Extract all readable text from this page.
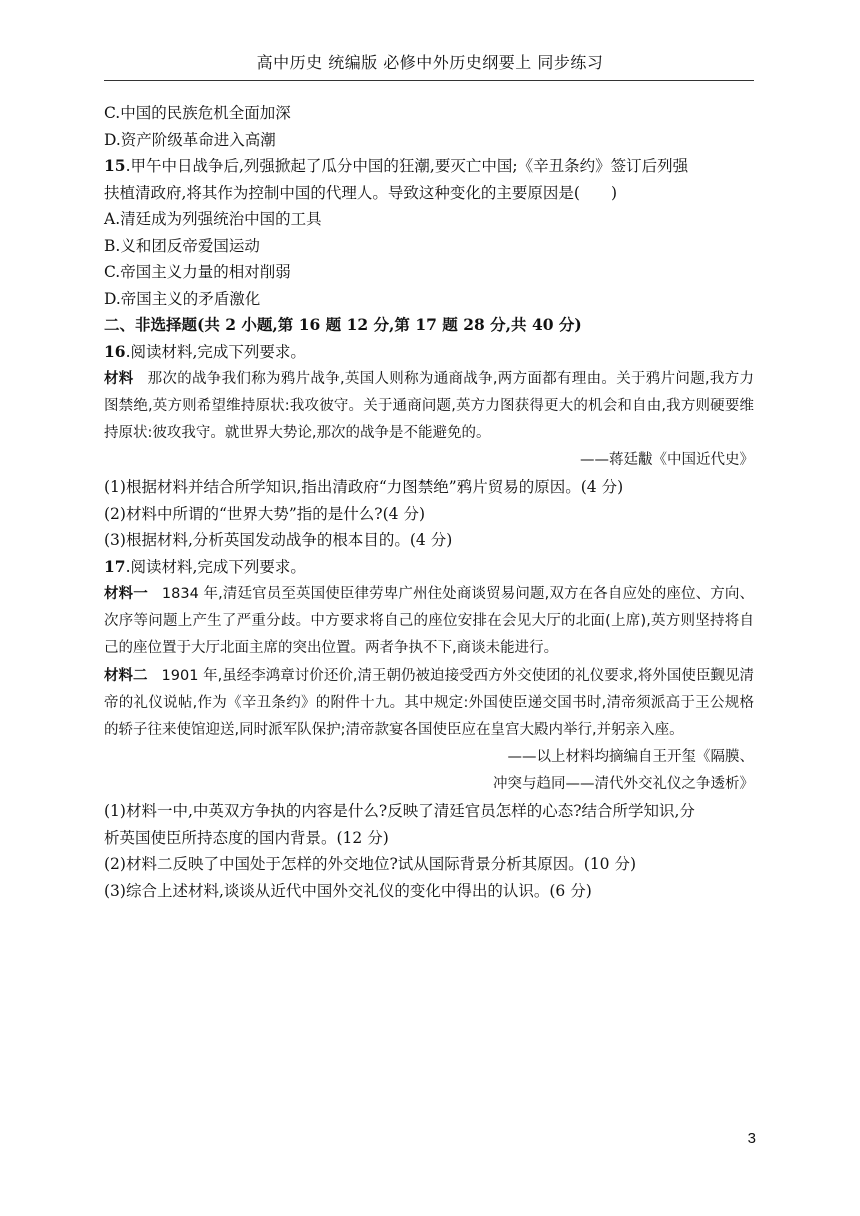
高中历史 统编版 必修中外历史纲要上 同步练习
C.中国的民族危机全面加深
D.资产阶级革命进入高潮
15.甲午中日战争后,列强掀起了瓜分中国的狂潮,要灭亡中国;《辛丑条约》签订后列强
扶植清政府,将其作为控制中国的代理人。导致这种变化的主要原因是(　　)
A.清廷成为列强统治中国的工具
B.义和团反帝爱国运动
C.帝国主义力量的相对削弱
D.帝国主义的矛盾激化
二、非选择题(共 2 小题,第 16 题 12 分,第 17 题 28 分,共 40 分)
16.阅读材料,完成下列要求。
材料 那次的战争我们称为鸦片战争,英国人则称为通商战争,两方面都有理由。关于鸦片问题,我方力图禁绝,英方则希望维持原状:我攻彼守。关于通商问题,英方力图获得更大的机会和自由,我方则硬要维持原状:彼攻我守。就世界大势论,那次的战争是不能避免的。
——蒋廷黻《中国近代史》
(1)根据材料并结合所学知识,指出清政府“力图禁绝”鸦片贸易的原因。(4 分)
(2)材料中所谓的“世界大势”指的是什么?(4 分)
(3)根据材料,分析英国发动战争的根本目的。(4 分)
17.阅读材料,完成下列要求。
材料一 1834 年,清廷官员至英国使臣律劳卑广州住处商谈贸易问题,双方在各自应处的座位、方向、次序等问题上产生了严重分歧。中方要求将自己的座位安排在会见大厅的北面(上席),英方则坚持将自己的座位置于大厅北面主席的突出位置。两者争执不下,商谈未能进行。
材料二 1901 年,虽经李鸿章讨价还价,清王朝仍被迫接受西方外交使团的礼仪要求,将外国使臣觐见清帝的礼仪说帖,作为《辛丑条约》的附件十九。其中规定:外国使臣递交国书时,清帝须派高于王公规格的轿子往来使馆迎送,同时派军队保护;清帝款宴各国使臣应在皇宫大殿内举行,并躬亲入座。
——以上材料均摘编自王开玺《隔膜、
冲突与趋同——清代外交礼仪之争透析》
(1)材料一中,中英双方争执的内容是什么?反映了清廷官员怎样的心态?结合所学知识,分
析英国使臣所持态度的国内背景。(12 分)
(2)材料二反映了中国处于怎样的外交地位?试从国际背景分析其原因。(10 分)
(3)综合上述材料,谈谈从近代中国外交礼仪的变化中得出的认识。(6 分)
3
